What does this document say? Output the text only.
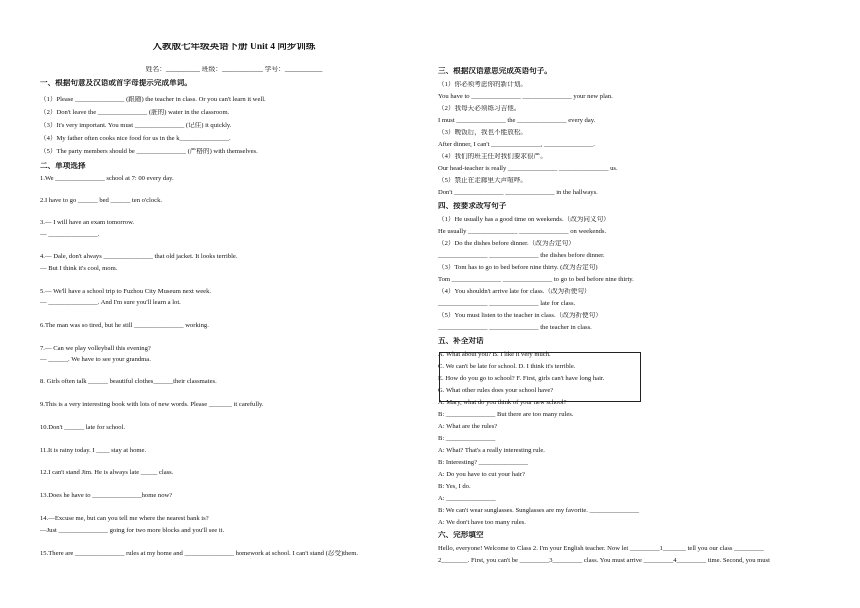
人教版七年级英语下册 Unit 4 同步训练
姓名：__________ 班级：____________ 学号：___________
一、根据句意及汉语或首字母提示完成单词。
（1）Please _______________ (跟随) the teacher in class. Or you can't learn it well.
（2）Don't leave the _______________ (脏的) water in the classroom.
（3）It's very important. You must _______________ (记住) it quickly.
（4）My father often cooks nice food for us in the k_______________.
（5）The party members should be _______________ (严格的) with themselves.
二、单项选择
1.We _______________ school at 7: 00 every day.
2.I have to go ______ bed ______ ten o'clock.
3.— I will have an exam tomorrow.
— _______________.
4.— Dale, don't always _______________ that old jacket. It looks terrible.
— But I think it's cool, mom.
5.— We'll have a school trip to Fuzhou City Museum next week.
— _______________. And I'm sure you'll learn a lot.
6.The man was so tired, but he still _______________ working.
7.— Can we play volleyball this evening?
— ______. We have to see your grandma.
8. Girls often talk ______ beautiful clothes______their classmates.
9.This is a very interesting book with lots of new words. Please _______ it carefully.
10.Don't ______ late for school.
11.It is rainy today. I ____ stay at home.
12.I can't stand Jim. He is always late _____ class.
13.Does he have to _______________home now?
14.—Excuse me, but can you tell me where the nearest bank is?
—Just _______________ going for two more blocks and you'll see it.
15.There are _______________ rules at my home and _______________ homework at school. I can't stand (忍受)them.
三、根据汉语意思完成英语句子。
（1）你必须考虑你的新计划。
You have to _______________ _______________ your new plan.
（2）我每天必须练习吉他。
I must _______________ the _______________ every day.
（3）晚饭后，我也不能放松。
After dinner, I can't _______________, _______________.
（4）我们的班主任对我们要求很严。
Our head-teacher is really _______________ _______________ us.
（5）禁止在走廊里大声喧哗。
Don't _______________ _______________ in the hallways.
四、按要求改写句子
（1）He usually has a good time on weekends.（改为同义句）
He usually _______________ _______________ on weekends.
（2）Do the dishes before dinner.（改为否定句）
_______________ _______________ the dishes before dinner.
（3）Tom has to go to bed before nine thirty. (改为否定句)
Tom _______________ _______________ to go to bed before nine thirty.
（4）You shouldn't arrive late for class.（改为祈使句）
_______________ _______________ late for class.
（5）You must listen to the teacher in class.（改为祈使句）
_______________ _______________ the teacher in class.
五、补全对话
A. What about you? B. I like it very much.
C. We can't be late for school. D. I think it's terrible.
E. How do you go to school? F. First, girls can't have long hair.
G. What other rules does your school have?
A: Mary, what do you think of your new school?
B: _______________ But there are too many rules.
A: What are the rules?
B: _______________
A: What? That's a really interesting rule.
B: Interesting? _______________
A: Do you have to cut your hair?
B: Yes, I do.
A: _______________
B: We can't wear sunglasses. Sunglasses are my favorite. _______________
A: We don't have too many rules.
六、完形填空
Hello, everyone! Welcome to Class 2. I'm your English teacher. Now let _________1_______ tell you our class _________
2________. First, you can't be _________3_________ class. You must arrive _________4_________ time. Second, you must
